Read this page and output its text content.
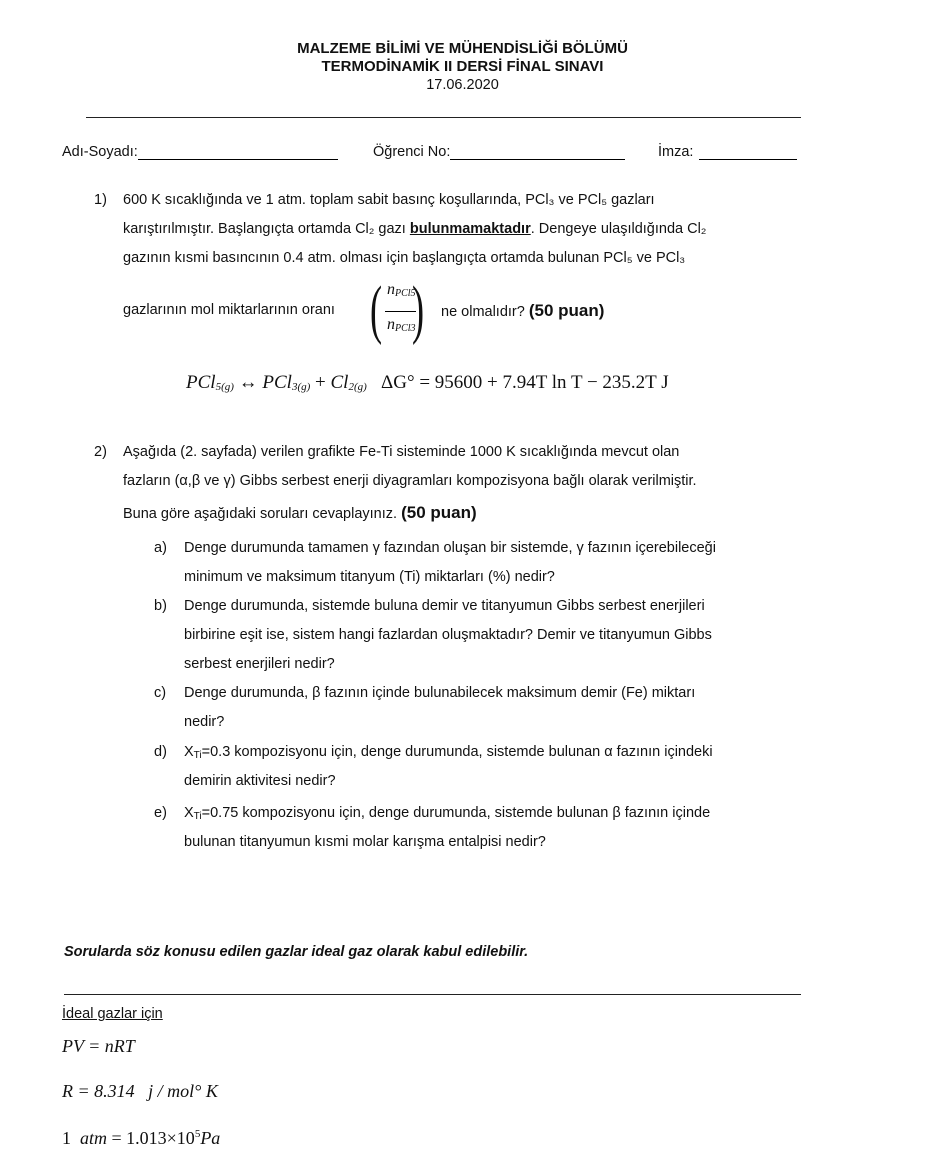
MALZEME BİLİMİ VE MÜHENDİSLİĞİ BÖLÜMÜ
TERMODİNAMİK II DERSİ FİNAL SINAVI
17.06.2020
Adı-Soyadı:	Öğrenci No:	İmza:
1) 600 K sıcaklığında ve 1 atm. toplam sabit basınç koşullarında, PCl₃ ve PCl₅ gazları
karıştırılmıştır. Başlangıçta ortamda Cl₂ gazı bulunmamaktadır. Dengeye ulaşıldığında Cl₂
gazının kısmi basıncının 0.4 atm. olması için başlangıçta ortamda bulunan PCl₅ ve PCl₃
gazlarının mol miktarlarının oranı ( $n_{PCl5}$
$n_{PCl3}$
) ne olmalıdır? (50 puan)
PCl$_{5(g)}$ ↔ $PCl_{3(g)} + Cl_{2(g)}$ ΔG° = 95600 + 7.94T ln T − 235.2T J
2) Aşağıda (2. sayfada) verilen grafikte Fe-Ti sisteminde 1000 K sıcaklığında mevcut olan
fazların (α,β ve γ) Gibbs serbest enerji diyagramları kompozisyona bağlı olarak verilmiştir.
Buna göre aşağıdaki soruları cevaplayınız. (50 puan)
a) Denge durumunda tamamen γ fazından oluşan bir sistemde, γ fazının içerebileceği
minimum ve maksimum titanyum (Ti) miktarları (%) nedir?
b) Denge durumunda, sistemde buluna demir ve titanyumun Gibbs serbest enerjileri
birbirine eşit ise, sistem hangi fazlardan oluşmaktadır? Demir ve titanyumun Gibbs
serbest enerjileri nedir?
c) Denge durumunda, β fazının içinde bulunabilecek maksimum demir (Fe) miktarı
nedir?
d) $X_{Ti}=0.3$ kompozisyonu için, denge durumunda, sistemde bulunan α fazının içindeki
demirin aktivitesi nedir?
e) $X_{Ti}=0.75$ kompozisyonu için, denge durumunda, sistemde bulunan β fazının içinde
bulunan titanyumun kısmi molar karışma entalpisi nedir?
Sorularda söz konusu edilen gazlar ideal gaz olarak kabul edilebilir.
İdeal gazlar için
PV = nRT
R = 8.314 j / mol° K
1 atm = $1.013\times 10^5Pa$
